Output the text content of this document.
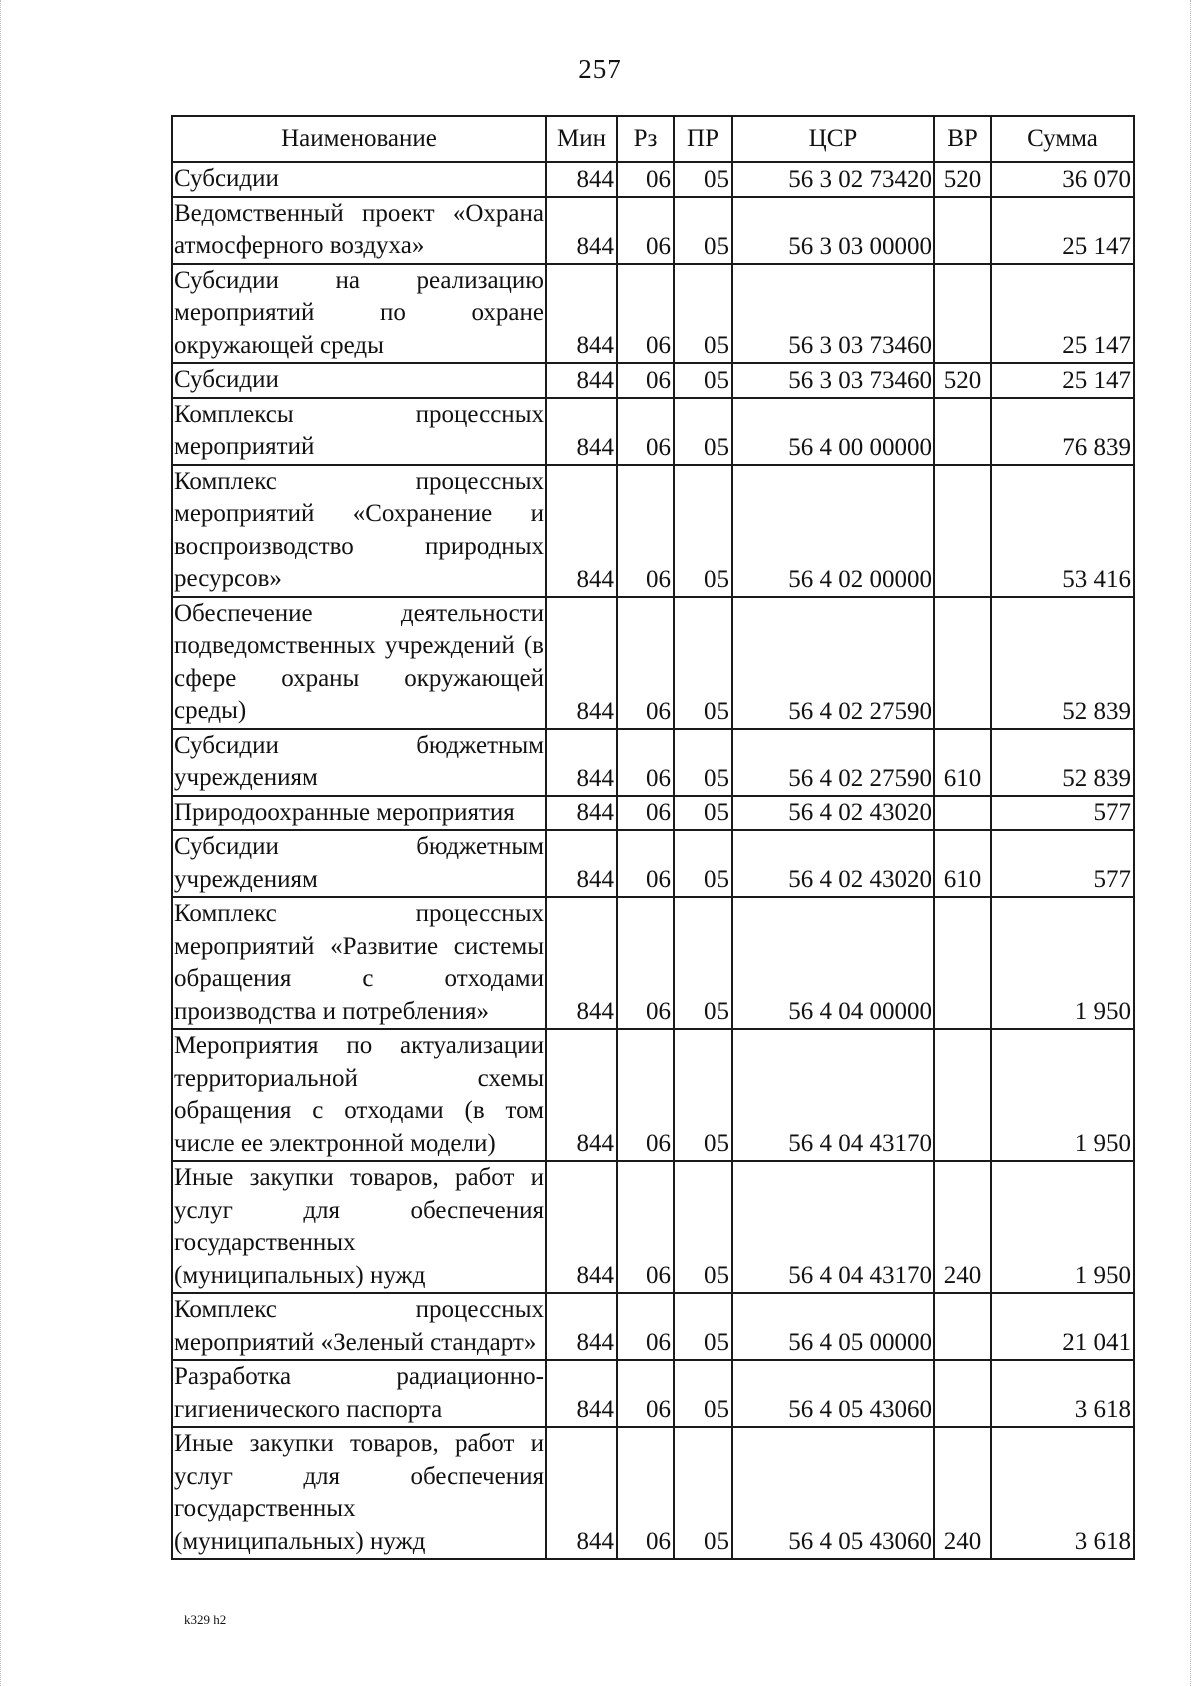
257
Наименование	Мин	Рз	ПР	ЦСР	ВР	Сумма
Субсидии	844	06	05	56 3 02 73420	520	36 070
Ведомственный проект «Охрана атмосферного воздуха»	844	06	05	56 3 03 00000		25 147
Субсидии на реализацию мероприятий по охране окружающей среды	844	06	05	56 3 03 73460		25 147
Субсидии	844	06	05	56 3 03 73460	520	25 147
Комплексы процессных мероприятий	844	06	05	56 4 00 00000		76 839
Комплекс процессных мероприятий «Сохранение и воспроизводство природных ресурсов»	844	06	05	56 4 02 00000		53 416
Обеспечение деятельности подведомственных учреждений (в сфере охраны окружающей среды)	844	06	05	56 4 02 27590		52 839
Субсидии бюджетным учреждениям	844	06	05	56 4 02 27590	610	52 839
Природоохранные мероприятия	844	06	05	56 4 02 43020		577
Субсидии бюджетным учреждениям	844	06	05	56 4 02 43020	610	577
Комплекс процессных мероприятий «Развитие системы обращения с отходами производства и потребления»	844	06	05	56 4 04 00000		1 950
Мероприятия по актуализации территориальной схемы обращения с отходами (в том числе ее электронной модели)	844	06	05	56 4 04 43170		1 950
Иные закупки товаров, работ и услуг для обеспечения государственных (муниципальных) нужд	844	06	05	56 4 04 43170	240	1 950
Комплекс процессных мероприятий «Зеленый стандарт»	844	06	05	56 4 05 00000		21 041
Разработка радиационно-гигиенического паспорта	844	06	05	56 4 05 43060		3 618
Иные закупки товаров, работ и услуг для обеспечения государственных (муниципальных) нужд	844	06	05	56 4 05 43060	240	3 618
k329 h2
